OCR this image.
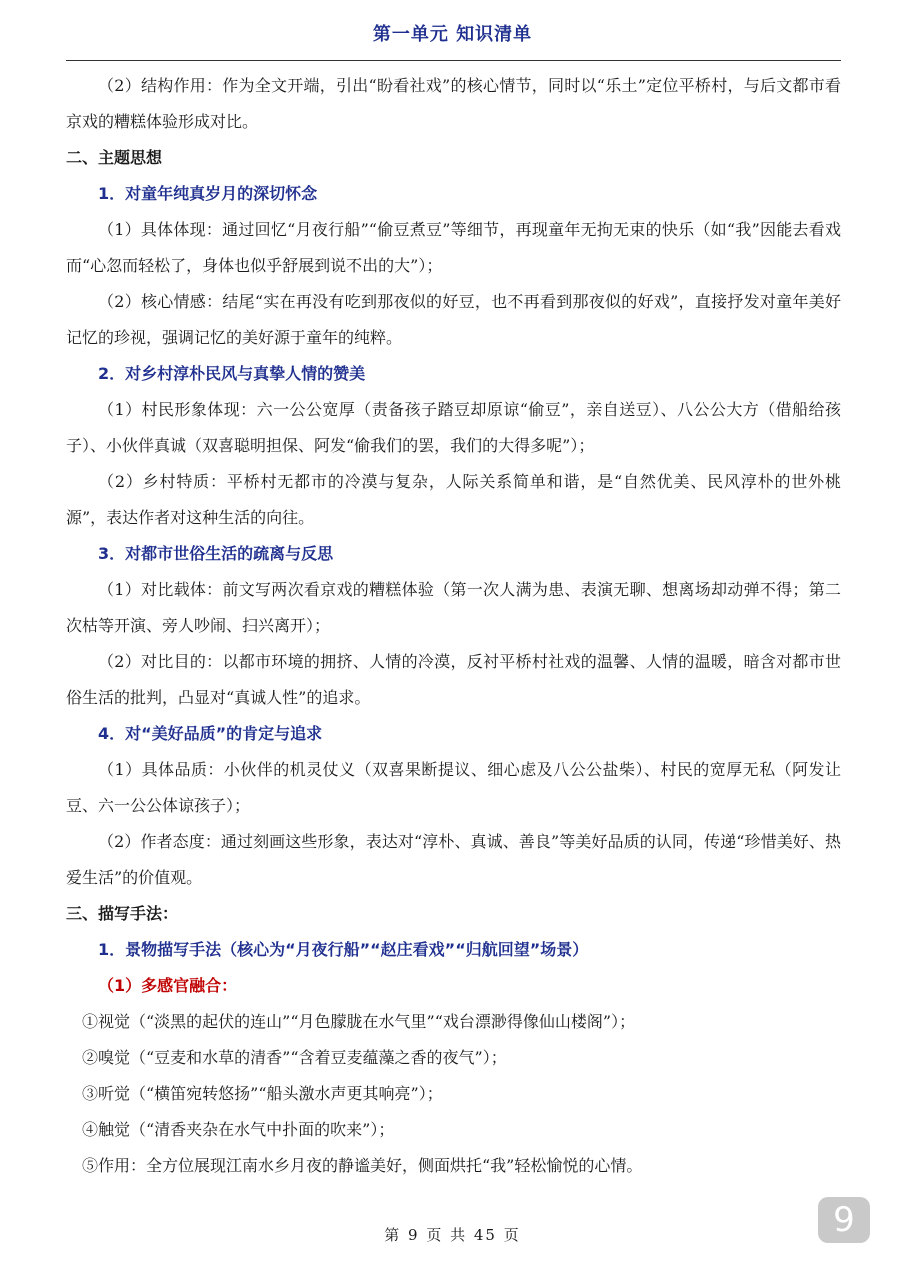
第一单元 知识清单

（2）结构作用：作为全文开端，引出“盼看社戏”的核心情节，同时以“乐土”定位平桥村，与后文都市看京戏的糟糕体验形成对比。

二、主题思想

1．对童年纯真岁月的深切怀念

（1）具体体现：通过回忆“月夜行船”“偷豆煮豆”等细节，再现童年无拘无束的快乐（如“我”因能去看戏而“心忽而轻松了，身体也似乎舒展到说不出的大”）；

（2）核心情感：结尾“实在再没有吃到那夜似的好豆，也不再看到那夜似的好戏”，直接抒发对童年美好记忆的珍视，强调记忆的美好源于童年的纯粹。

2．对乡村淳朴民风与真挚人情的赞美

（1）村民形象体现：六一公公宽厚（责备孩子踏豆却原谅“偷豆”，亲自送豆）、八公公大方（借船给孩子）、小伙伴真诚（双喜聪明担保、阿发“偷我们的罢，我们的大得多呢”）；

（2）乡村特质：平桥村无都市的冷漠与复杂，人际关系简单和谐，是“自然优美、民风淳朴的世外桃源”，表达作者对这种生活的向往。

3．对都市世俗生活的疏离与反思

（1）对比载体：前文写两次看京戏的糟糕体验（第一次人满为患、表演无聊、想离场却动弹不得；第二次枯等开演、旁人吵闹、扫兴离开）；

（2）对比目的：以都市环境的拥挤、人情的冷漠，反衬平桥村社戏的温馨、人情的温暖，暗含对都市世俗生活的批判，凸显对“真诚人性”的追求。

4．对“美好品质”的肯定与追求

（1）具体品质：小伙伴的机灵仗义（双喜果断提议、细心虑及八公公盐柴）、村民的宽厚无私（阿发让豆、六一公公体谅孩子）；

（2）作者态度：通过刻画这些形象，表达对“淳朴、真诚、善良”等美好品质的认同，传递“珍惜美好、热爱生活”的价值观。

三、描写手法：

1．景物描写手法（核心为“月夜行船”“赵庄看戏”“归航回望”场景）

（1）多感官融合：

①视觉（“淡黑的起伏的连山”“月色朦胧在水气里”“戏台漂渺得像仙山楼阁”）；

②嗅觉（“豆麦和水草的清香”“含着豆麦蕴藻之香的夜气”）；

③听觉（“横笛宛转悠扬”“船头激水声更其响亮”）；

④触觉（“清香夹杂在水气中扑面的吹来”）；

⑤作用：全方位展现江南水乡月夜的静谧美好，侧面烘托“我”轻松愉悦的心情。

第 9 页 共 45 页	9
